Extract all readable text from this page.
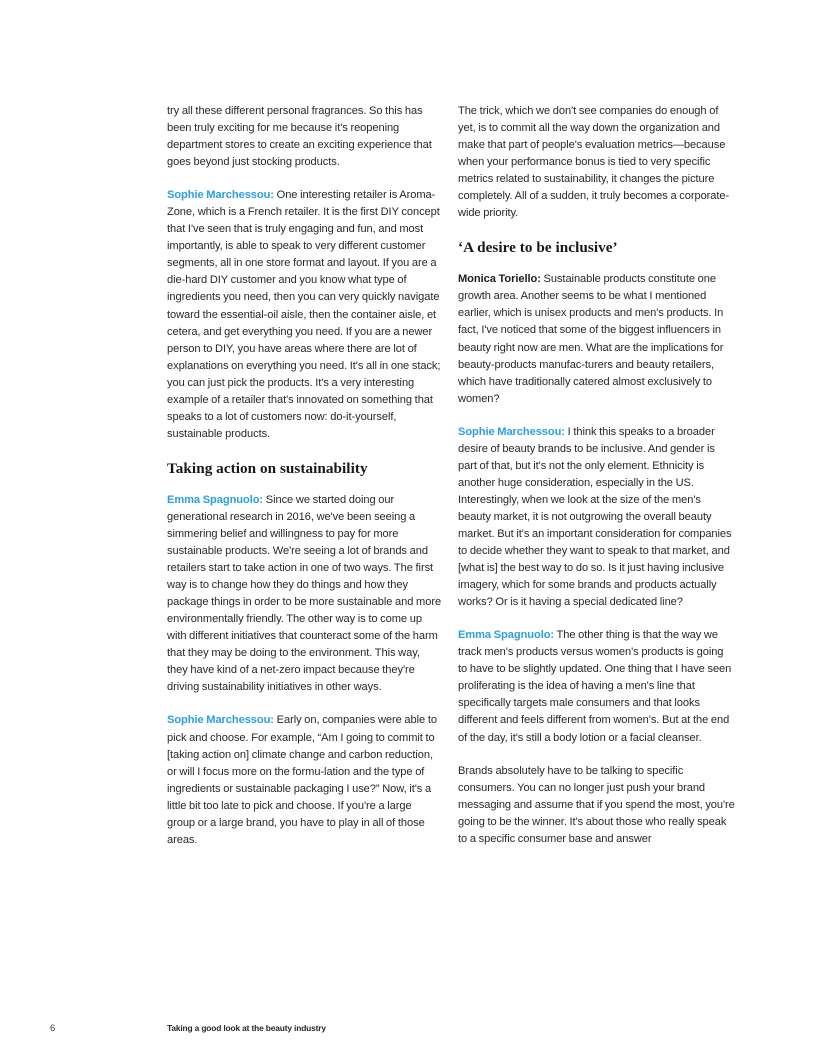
try all these different personal fragrances. So this has been truly exciting for me because it's reopening department stores to create an exciting experience that goes beyond just stocking products.

Sophie Marchessou: One interesting retailer is Aroma-Zone, which is a French retailer. It is the first DIY concept that I've seen that is truly engaging and fun, and most importantly, is able to speak to very different customer segments, all in one store format and layout. If you are a die-hard DIY customer and you know what type of ingredients you need, then you can very quickly navigate toward the essential-oil aisle, then the container aisle, et cetera, and get everything you need. If you are a newer person to DIY, you have areas where there are lot of explanations on everything you need. It's all in one stack; you can just pick the products. It's a very interesting example of a retailer that's innovated on something that speaks to a lot of customers now: do-it-yourself, sustainable products.

Taking action on sustainability

Emma Spagnuolo: Since we started doing our generational research in 2016, we've been seeing a simmering belief and willingness to pay for more sustainable products. We're seeing a lot of brands and retailers start to take action in one of two ways. The first way is to change how they do things and how they package things in order to be more sustainable and more environmentally friendly. The other way is to come up with different initiatives that counteract some of the harm that they may be doing to the environment. This way, they have kind of a net-zero impact because they're driving sustainability initiatives in other ways.

Sophie Marchessou: Early on, companies were able to pick and choose. For example, “Am I going to commit to [taking action on] climate change and carbon reduction, or will I focus more on the formu-lation and the type of ingredients or sustainable packaging I use?” Now, it's a little bit too late to pick and choose. If you're a large group or a large brand, you have to play in all of those areas.

The trick, which we don't see companies do enough of yet, is to commit all the way down the organization and make that part of people's evaluation metrics—because when your performance bonus is tied to very specific metrics related to sustainability, it changes the picture completely. All of a sudden, it truly becomes a corporate-wide priority.

‘A desire to be inclusive’

Monica Toriello: Sustainable products constitute one growth area. Another seems to be what I mentioned earlier, which is unisex products and men's products. In fact, I've noticed that some of the biggest influencers in beauty right now are men. What are the implications for beauty-products manufac-turers and beauty retailers, which have traditionally catered almost exclusively to women?

Sophie Marchessou: I think this speaks to a broader desire of beauty brands to be inclusive. And gender is part of that, but it's not the only element. Ethnicity is another huge consideration, especially in the US. Interestingly, when we look at the size of the men's beauty market, it is not outgrowing the overall beauty market. But it's an important consideration for companies to decide whether they want to speak to that market, and [what is] the best way to do so. Is it just having inclusive imagery, which for some brands and products actually works? Or is it having a special dedicated line?

Emma Spagnuolo: The other thing is that the way we track men's products versus women's products is going to have to be slightly updated. One thing that I have seen proliferating is the idea of having a men's line that specifically targets male consumers and that looks different and feels different from women's. But at the end of the day, it's still a body lotion or a facial cleanser.

Brands absolutely have to be talking to specific consumers. You can no longer just push your brand messaging and assume that if you spend the most, you're going to be the winner. It's about those who really speak to a specific consumer base and answer

6	Taking a good look at the beauty industry
